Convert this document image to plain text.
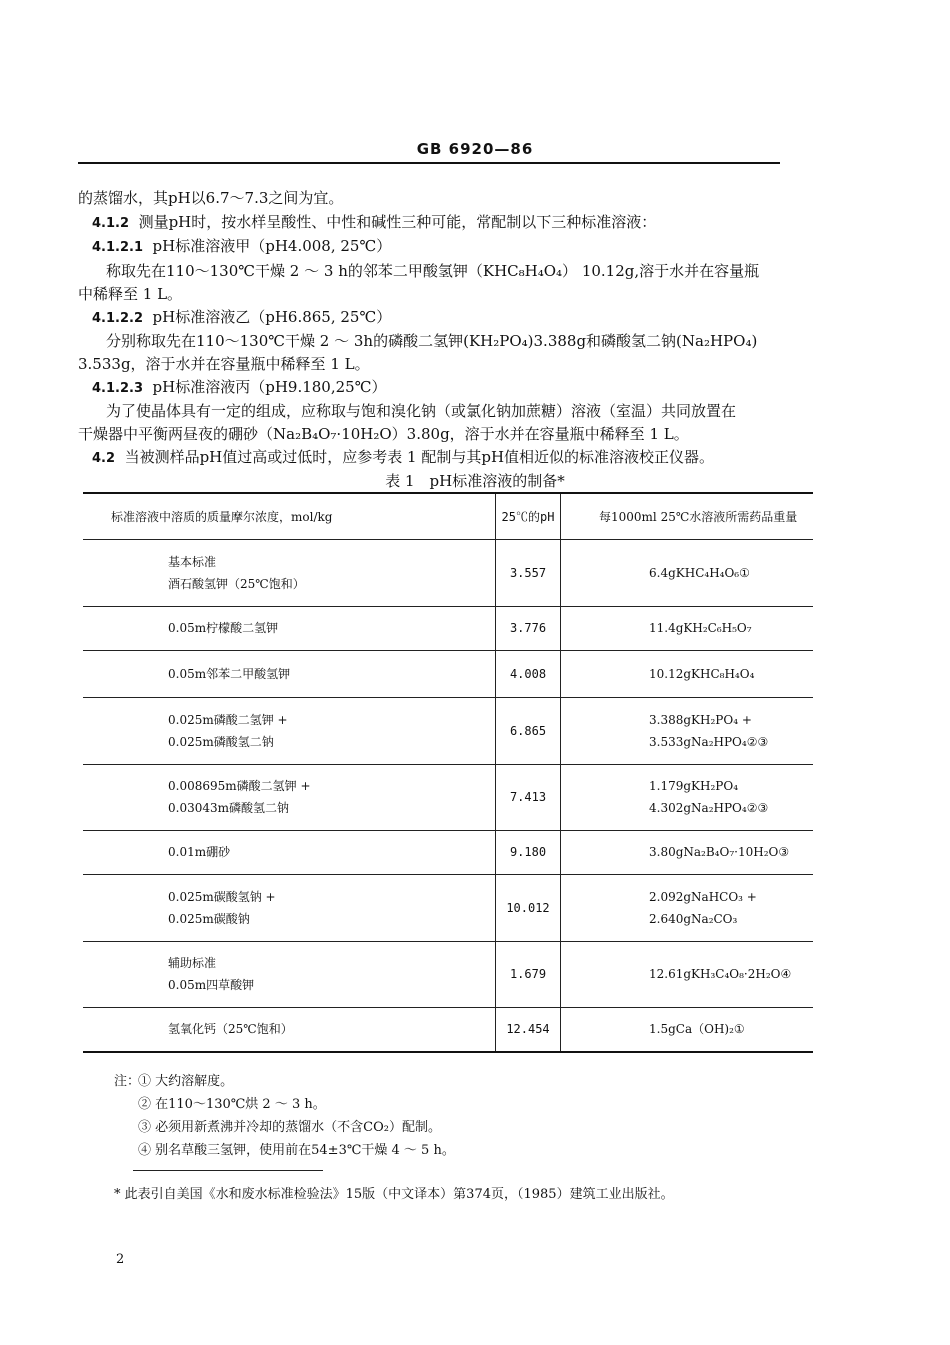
GB 6920—86
的蒸馏水，其pH以6.7～7.3之间为宜。
4.1.2 测量pH时，按水样呈酸性、中性和碱性三种可能，常配制以下三种标准溶液：
4.1.2.1 pH标准溶液甲（pH4.008, 25℃）
称取先在110～130℃干燥 2 ～ 3 h的邻苯二甲酸氢钾（KHC₈H₄O₄） 10.12g,溶于水并在容量瓶
中稀释至 1 L。
4.1.2.2 pH标准溶液乙（pH6.865, 25℃）
分别称取先在110～130℃干燥 2 ～ 3h的磷酸二氢钾(KH₂PO₄)3.388g和磷酸氢二钠(Na₂HPO₄)
3.533g，溶于水并在容量瓶中稀释至 1 L。
4.1.2.3 pH标准溶液丙（pH9.180,25℃）
为了使晶体具有一定的组成，应称取与饱和溴化钠（或氯化钠加蔗糖）溶液（室温）共同放置在
干燥器中平衡两昼夜的硼砂（Na₂B₄O₇·10H₂O）3.80g，溶于水并在容量瓶中稀释至 1 L。
4.2 当被测样品pH值过高或过低时，应参考表 1 配制与其pH值相近似的标准溶液校正仪器。
表 1　pH标准溶液的制备*
标准溶液中溶质的质量摩尔浓度，mol/kg	25℃的pH	每1000ml 25℃水溶液所需药品重量

基本标准
酒石酸氢钾（25℃饱和）	3.557	6.4gKHC₄H₄O₆①

0.05m柠檬酸二氢钾	3.776	11.4gKH₂C₆H₅O₇

0.05m邻苯二甲酸氢钾	4.008	10.12gKHC₈H₄O₄

0.025m磷酸二氢钾 +
0.025m磷酸氢二钠	6.865	3.388gKH₂PO₄ +
3.533gNa₂HPO₄②③

0.008695m磷酸二氢钾 +
0.03043m磷酸氢二钠	7.413	1.179gKH₂PO₄
4.302gNa₂HPO₄②③

0.01m硼砂	9.180	3.80gNa₂B₄O₇·10H₂O③

0.025m碳酸氢钠 +
0.025m碳酸钠	10.012	2.092gNaHCO₃ +
2.640gNa₂CO₃

辅助标准
0.05m四草酸钾	1.679	12.61gKH₃C₄O₈·2H₂O④

氢氧化钙（25℃饱和）	12.454	1.5gCa（OH)₂①
注：
① 大约溶解度。
② 在110～130℃烘 2 ～ 3 h。
③ 必须用新煮沸并冷却的蒸馏水（不含CO₂）配制。
④ 别名草酸三氢钾，使用前在54±3℃干燥 4 ～ 5 h。
* 此表引自美国《水和废水标准检验法》15版（中文译本）第374页，（1985）建筑工业出版社。
2
